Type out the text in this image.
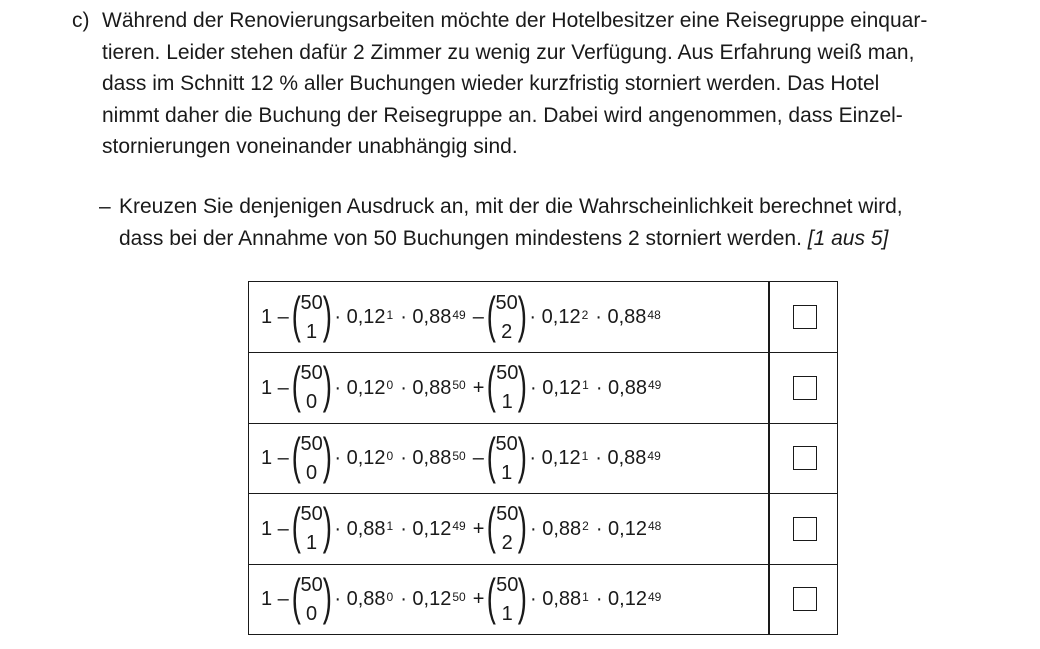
c) Während der Renovierungsarbeiten möchte der Hotelbesitzer eine Reisegruppe einquar-
tieren. Leider stehen dafür 2 Zimmer zu wenig zur Verfügung. Aus Erfahrung weiß man,
dass im Schnitt 12 % aller Buchungen wieder kurzfristig storniert werden. Das Hotel
nimmt daher die Buchung der Reisegruppe an. Dabei wird angenommen, dass Einzel-
stornierungen voneinander unabhängig sind.
– Kreuzen Sie denjenigen Ausdruck an, mit der die Wahrscheinlichkeit berechnet wird,
dass bei der Annahme von 50 Buchungen mindestens 2 storniert werden. [1 aus 5]
1 – ( 50
1 ) · $0,12^1 \cdot 0,88^{49}$ – ( 50
2 ) · $0,12^2 \cdot 0,88^{48}$
1 – ( 50
0 ) · $0,12^0 \cdot 0,88^{50}$ + ( 50
1 ) · $0,12^1 \cdot 0,88^{49}$
1 – ( 50
0 ) · $0,12^0 \cdot 0,88^{50}$ – ( 50
1 ) · $0,12^1 \cdot 0,88^{49}$
1 – ( 50
1 ) · $0,88^1 \cdot 0,12^{49}$ + ( 50
2 ) · $0,88^2 \cdot 0,12^{48}$
1 – ( 50
0 ) · $0,88^0 \cdot 0,12^{50}$ + ( 50
1 ) · $0,88^1 \cdot 0,12^{49}$
